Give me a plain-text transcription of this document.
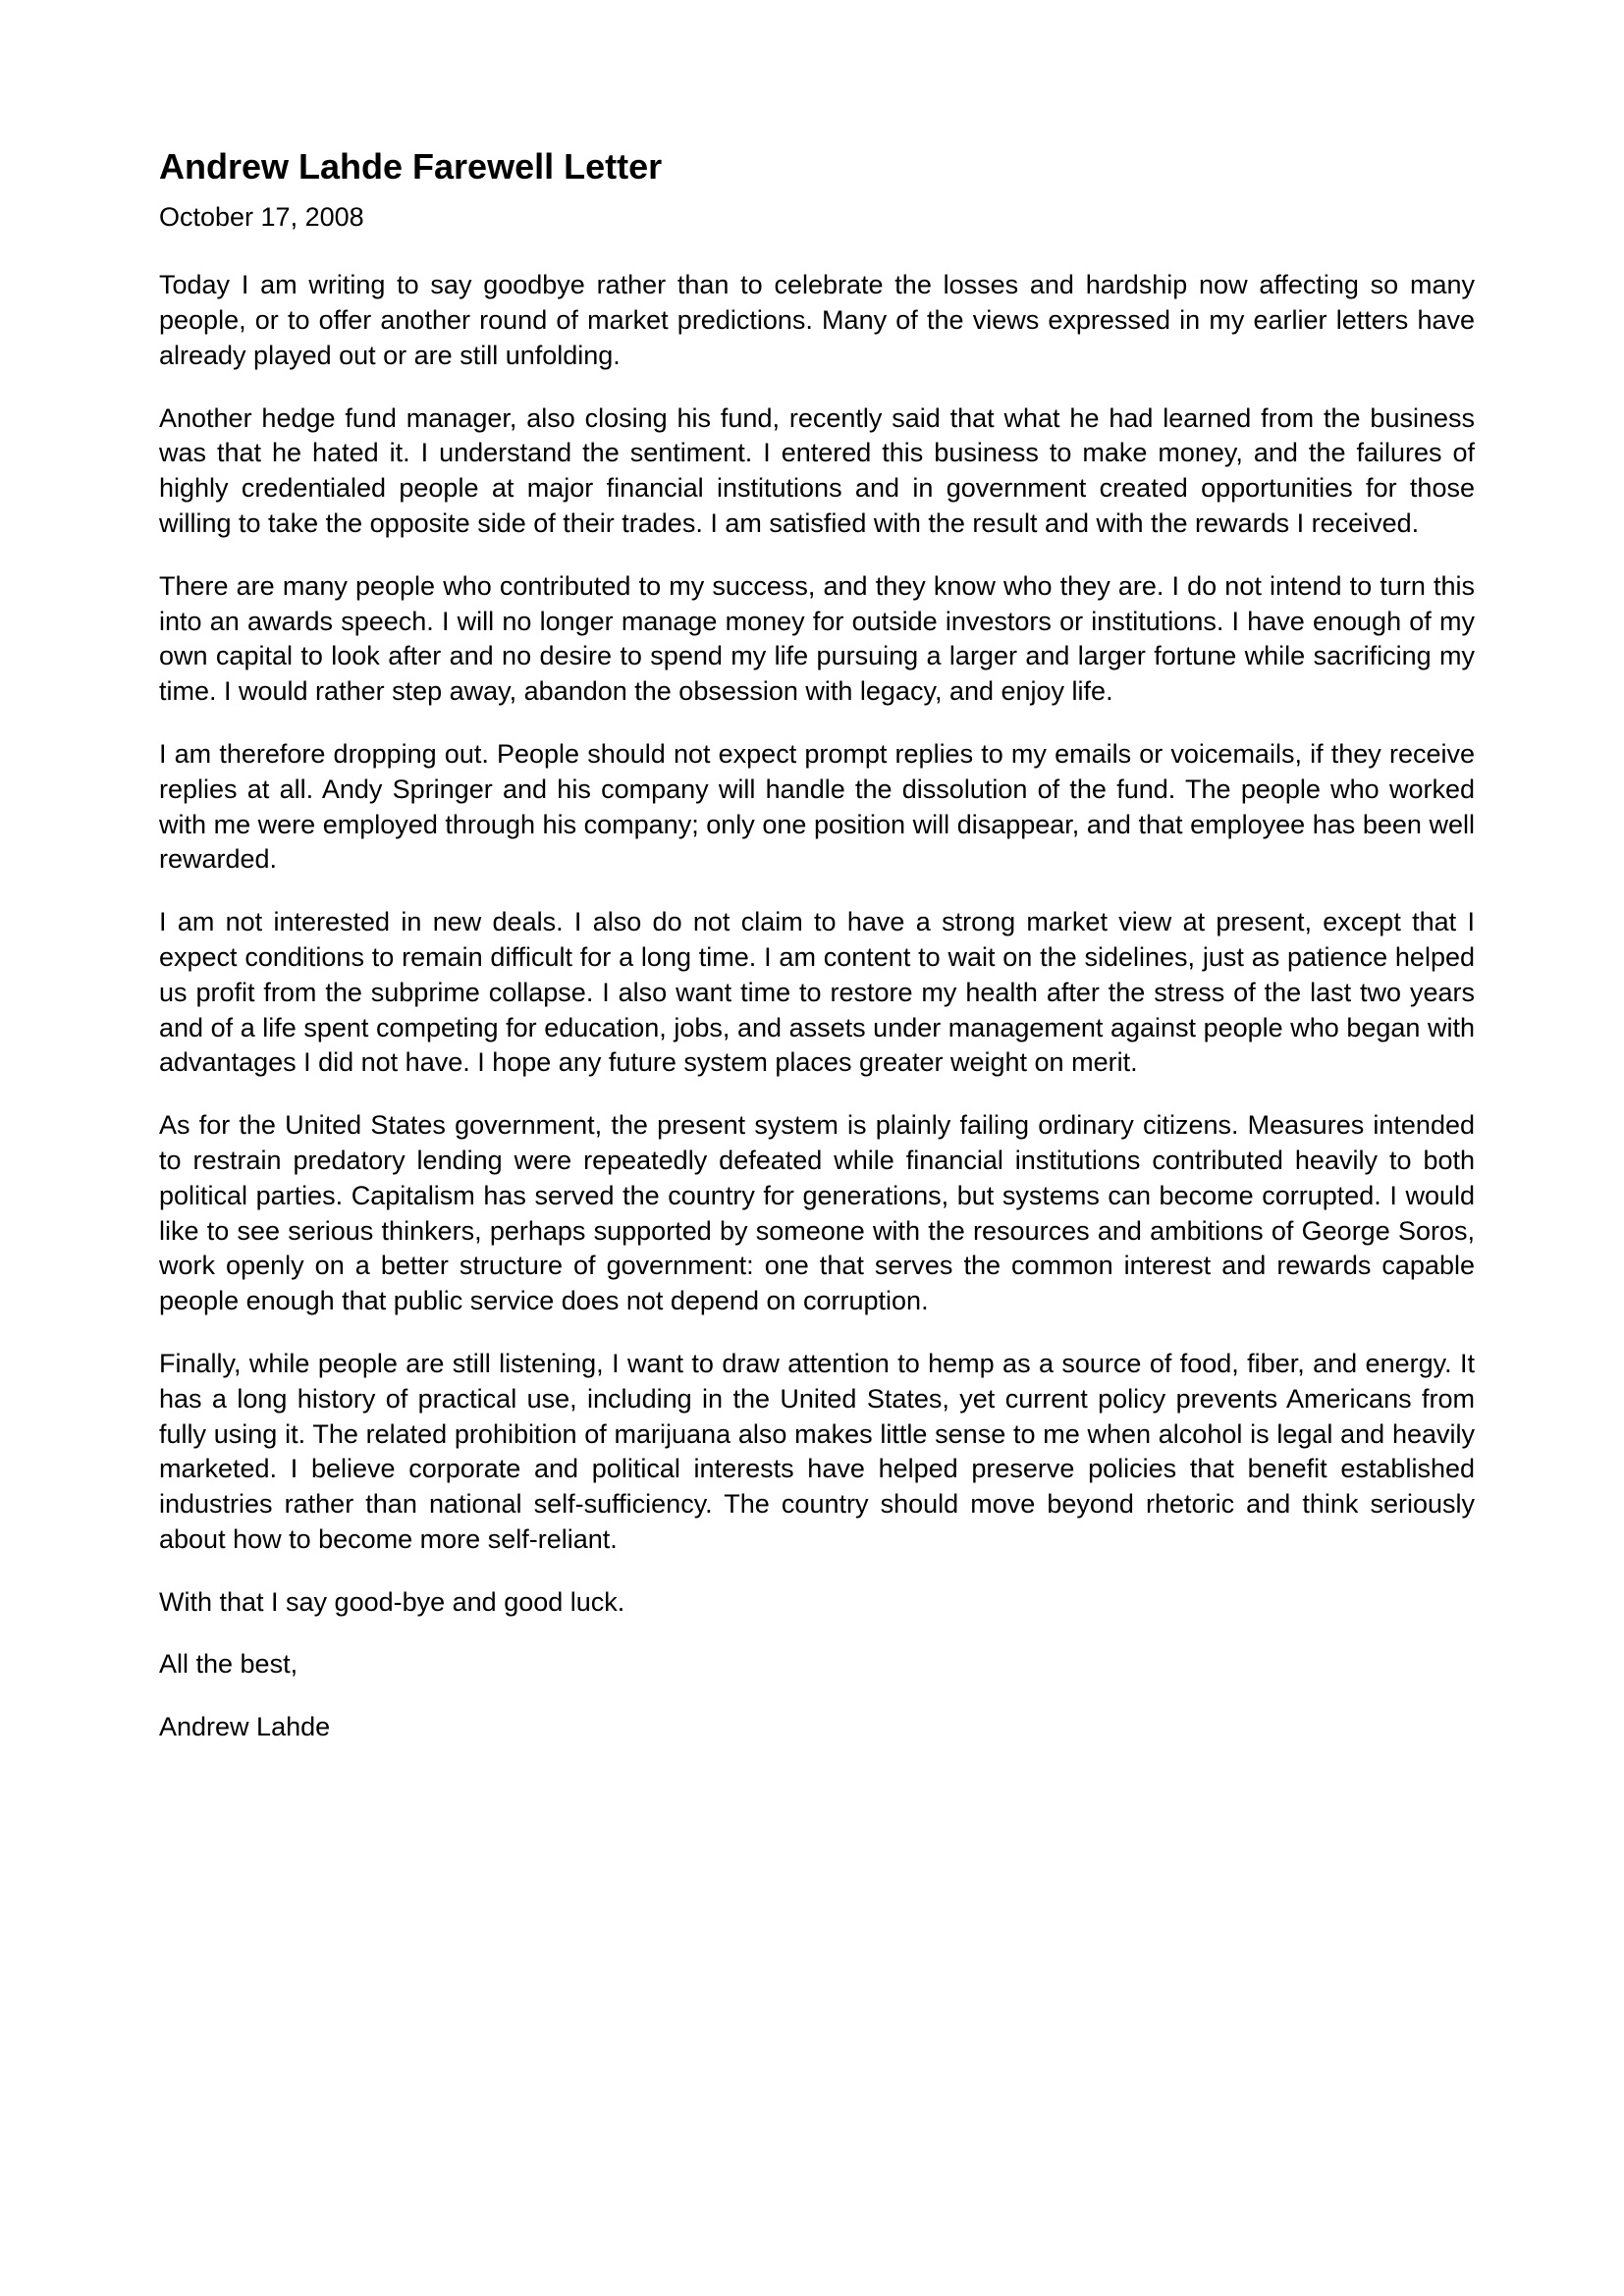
Andrew Lahde Farewell Letter
October 17, 2008

Today I am writing to say goodbye rather than to celebrate the losses and hardship now affecting so many people, or to offer another round of market predictions. Many of the views expressed in my earlier letters have already played out or are still unfolding.

Another hedge fund manager, also closing his fund, recently said that what he had learned from the business was that he hated it. I understand the sentiment. I entered this business to make money, and the failures of highly credentialed people at major financial institutions and in government created opportunities for those willing to take the opposite side of their trades. I am satisfied with the result and with the rewards I received.

There are many people who contributed to my success, and they know who they are. I do not intend to turn this into an awards speech. I will no longer manage money for outside investors or institutions. I have enough of my own capital to look after and no desire to spend my life pursuing a larger and larger fortune while sacrificing my time. I would rather step away, abandon the obsession with legacy, and enjoy life.

I am therefore dropping out. People should not expect prompt replies to my emails or voicemails, if they receive replies at all. Andy Springer and his company will handle the dissolution of the fund. The people who worked with me were employed through his company; only one position will disappear, and that employee has been well rewarded.

I am not interested in new deals. I also do not claim to have a strong market view at present, except that I expect conditions to remain difficult for a long time. I am content to wait on the sidelines, just as patience helped us profit from the subprime collapse. I also want time to restore my health after the stress of the last two years and of a life spent competing for education, jobs, and assets under management against people who began with advantages I did not have. I hope any future system places greater weight on merit.

As for the United States government, the present system is plainly failing ordinary citizens. Measures intended to restrain predatory lending were repeatedly defeated while financial institutions contributed heavily to both political parties. Capitalism has served the country for generations, but systems can become corrupted. I would like to see serious thinkers, perhaps supported by someone with the resources and ambitions of George Soros, work openly on a better structure of government: one that serves the common interest and rewards capable people enough that public service does not depend on corruption.

Finally, while people are still listening, I want to draw attention to hemp as a source of food, fiber, and energy. It has a long history of practical use, including in the United States, yet current policy prevents Americans from fully using it. The related prohibition of marijuana also makes little sense to me when alcohol is legal and heavily marketed. I believe corporate and political interests have helped preserve policies that benefit established industries rather than national self-sufficiency. The country should move beyond rhetoric and think seriously about how to become more self-reliant.

With that I say good-bye and good luck.

All the best,

Andrew Lahde
